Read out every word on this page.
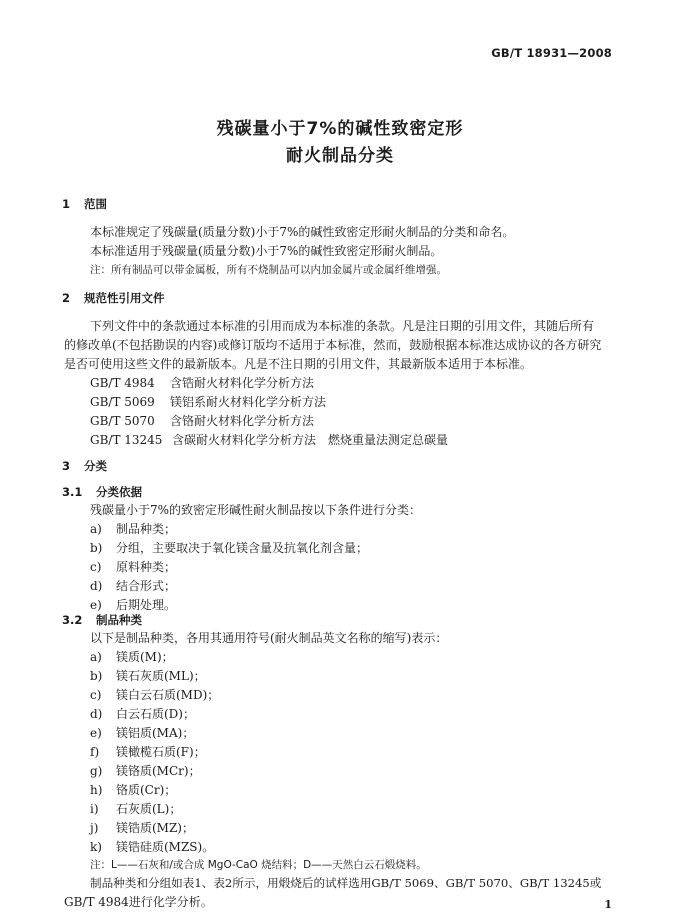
GB/T 18931—2008
残碳量小于7%的碱性致密定形
耐火制品分类
1 范围
本标准规定了残碳量(质量分数)小于7%的碱性致密定形耐火制品的分类和命名。
本标准适用于残碳量(质量分数)小于7%的碱性致密定形耐火制品。
注：所有制品可以带金属板，所有不烧制品可以内加金属片或金属纤维增强。
2 规范性引用文件
下列文件中的条款通过本标准的引用而成为本标准的条款。凡是注日期的引用文件，其随后所有
的修改单(不包括勘误的内容)或修订版均不适用于本标准，然而，鼓励根据本标准达成协议的各方研究
是否可使用这些文件的最新版本。凡是不注日期的引用文件，其最新版本适用于本标准。
GB/T 4984 含锆耐火材料化学分析方法
GB/T 5069 镁铝系耐火材料化学分析方法
GB/T 5070 含铬耐火材料化学分析方法
GB/T 13245 含碳耐火材料化学分析方法　燃烧重量法测定总碳量
3 分类
3.1 分类依据
残碳量小于7%的致密定形碱性耐火制品按以下条件进行分类：
a) 制品种类；
b) 分组，主要取决于氧化镁含量及抗氧化剂含量；
c) 原料种类；
d) 结合形式；
e) 后期处理。
3.2 制品种类
以下是制品种类，各用其通用符号(耐火制品英文名称的缩写)表示：
a) 镁质(M)；
b) 镁石灰质(ML)；
c) 镁白云石质(MD)；
d) 白云石质(D)；
e) 镁铝质(MA)；
f) 镁橄榄石质(F)；
g) 镁铬质(MCr)；
h) 铬质(Cr)；
i) 石灰质(L)；
j) 镁锆质(MZ)；
k) 镁锆硅质(MZS)。
注：L——石灰和/或合成 MgO-CaO 烧结料；D——天然白云石煅烧料。
制品种类和分组如表1、表2所示，用煅烧后的试样选用GB/T 5069、GB/T 5070、GB/T 13245或
GB/T 4984进行化学分析。	1
